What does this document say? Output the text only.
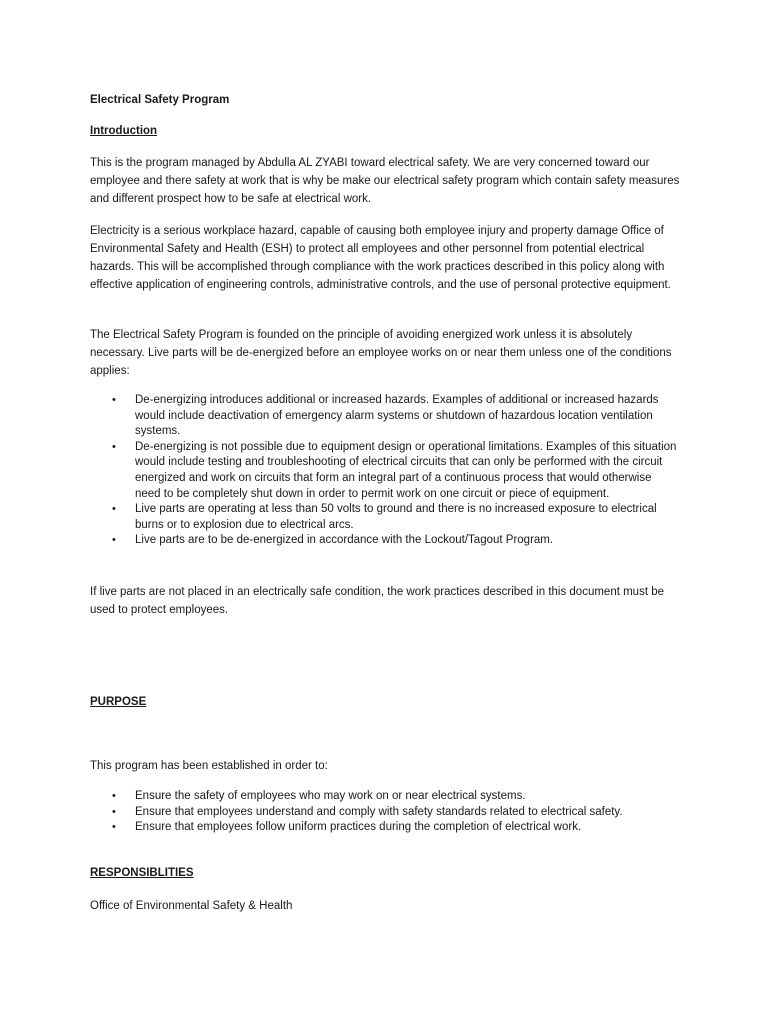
Electrical Safety Program

Introduction

This is the program managed by Abdulla AL ZYABI toward electrical safety. We are very concerned toward our employee and there safety at work that is why be make our electrical safety program which contain safety measures and different prospect how to be safe at electrical work.

Electricity is a serious workplace hazard, capable of causing both employee injury and property damage Office of Environmental Safety and Health (ESH) to protect all employees and other personnel from potential electrical hazards. This will be accomplished through compliance with the work practices described in this policy along with effective application of engineering controls, administrative controls, and the use of personal protective equipment.

The Electrical Safety Program is founded on the principle of avoiding energized work unless it is absolutely necessary. Live parts will be de-energized before an employee works on or near them unless one of the conditions applies:

• De-energizing introduces additional or increased hazards. Examples of additional or increased hazards would include deactivation of emergency alarm systems or shutdown of hazardous location ventilation systems.
• De-energizing is not possible due to equipment design or operational limitations. Examples of this situation would include testing and troubleshooting of electrical circuits that can only be performed with the circuit energized and work on circuits that form an integral part of a continuous process that would otherwise need to be completely shut down in order to permit work on one circuit or piece of equipment.
• Live parts are operating at less than 50 volts to ground and there is no increased exposure to electrical burns or to explosion due to electrical arcs.
• Live parts are to be de-energized in accordance with the Lockout/Tagout Program.

If live parts are not placed in an electrically safe condition, the work practices described in this document must be used to protect employees.

PURPOSE

This program has been established in order to:

• Ensure the safety of employees who may work on or near electrical systems.
• Ensure that employees understand and comply with safety standards related to electrical safety.
• Ensure that employees follow uniform practices during the completion of electrical work.

RESPONSIBLITIES

Office of Environmental Safety & Health
